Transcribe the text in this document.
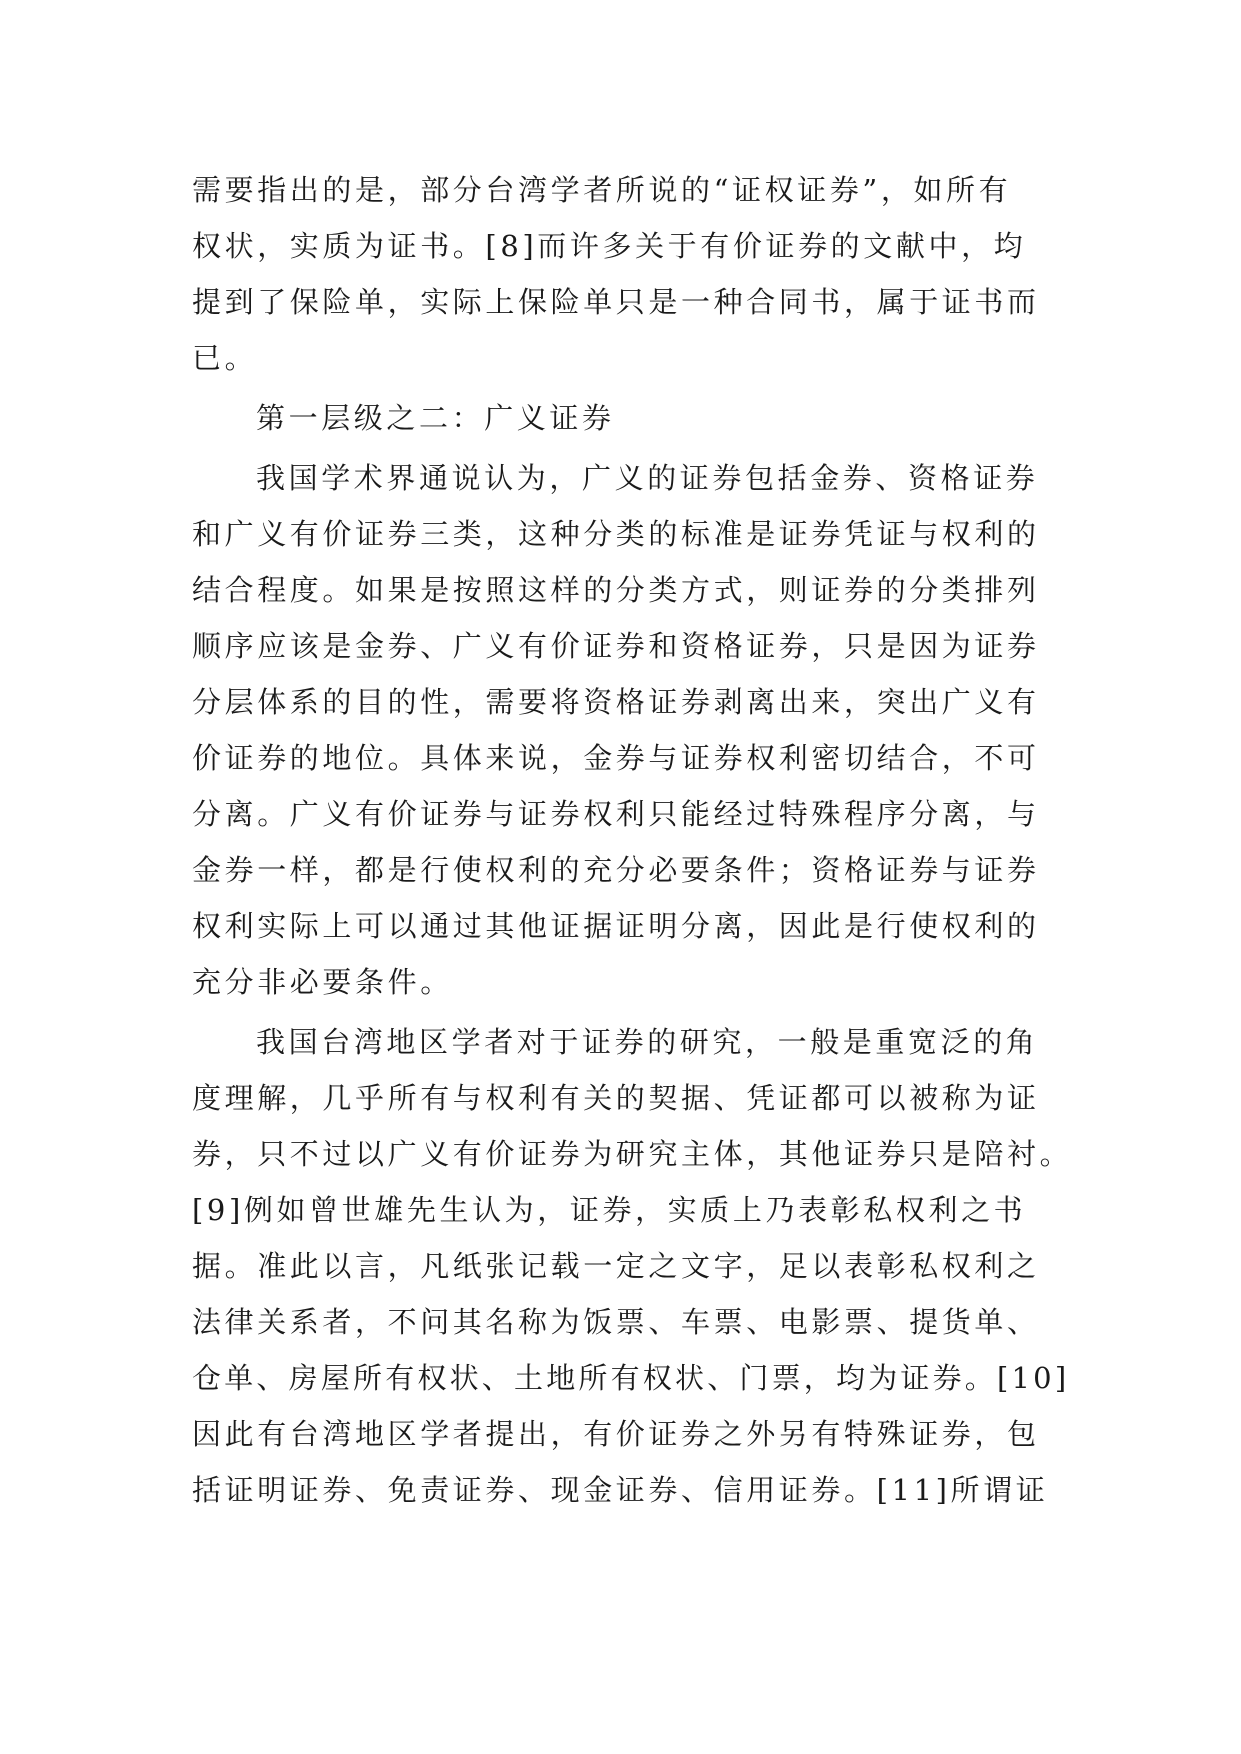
需要指出的是，部分台湾学者所说的“证权证券”，如所有
权状，实质为证书。[8]而许多关于有价证券的文献中，均
提到了保险单，实际上保险单只是一种合同书，属于证书而
已。
第一层级之二：广义证券
我国学术界通说认为，广义的证券包括金券、资格证券
和广义有价证券三类，这种分类的标准是证券凭证与权利的
结合程度。如果是按照这样的分类方式，则证券的分类排列
顺序应该是金券、广义有价证券和资格证券，只是因为证券
分层体系的目的性，需要将资格证券剥离出来，突出广义有
价证券的地位。具体来说，金券与证券权利密切结合，不可
分离。广义有价证券与证券权利只能经过特殊程序分离，与
金券一样，都是行使权利的充分必要条件；资格证券与证券
权利实际上可以通过其他证据证明分离，因此是行使权利的
充分非必要条件。
我国台湾地区学者对于证券的研究，一般是重宽泛的角
度理解，几乎所有与权利有关的契据、凭证都可以被称为证
券，只不过以广义有价证券为研究主体，其他证券只是陪衬。
[9]例如曾世雄先生认为，证券，实质上乃表彰私权利之书
据。准此以言，凡纸张记载一定之文字，足以表彰私权利之
法律关系者，不问其名称为饭票、车票、电影票、提货单、
仓单、房屋所有权状、土地所有权状、门票，均为证券。[10]
因此有台湾地区学者提出，有价证券之外另有特殊证券，包
括证明证券、免责证券、现金证券、信用证券。[11]所谓证
